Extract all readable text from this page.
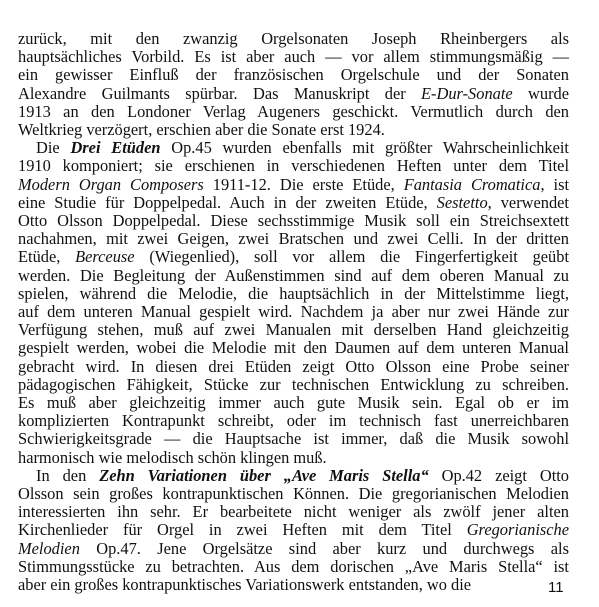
zurück, mit den zwanzig Orgelsonaten Joseph Rheinbergers als
hauptsächliches Vorbild. Es ist aber auch — vor allem stimmungsmäßig —
ein gewisser Einfluß der französischen Orgelschule und der Sonaten
Alexandre Guilmants spürbar. Das Manuskript der E-Dur-Sonate wurde
1913 an den Londoner Verlag Augeners geschickt. Vermutlich durch den
Weltkrieg verzögert, erschien aber die Sonate erst 1924.
Die Drei Etüden Op.45 wurden ebenfalls mit größter Wahrscheinlichkeit
1910 komponiert; sie erschienen in verschiedenen Heften unter dem Titel
Modern Organ Composers 1911-12. Die erste Etüde, Fantasia Cromatica, ist
eine Studie für Doppelpedal. Auch in der zweiten Etüde, Sestetto, verwendet
Otto Olsson Doppelpedal. Diese sechsstimmige Musik soll ein Streichsextett
nachahmen, mit zwei Geigen, zwei Bratschen und zwei Celli. In der dritten
Etüde, Berceuse (Wiegenlied), soll vor allem die Fingerfertigkeit geübt
werden. Die Begleitung der Außenstimmen sind auf dem oberen Manual zu
spielen, während die Melodie, die hauptsächlich in der Mittelstimme liegt,
auf dem unteren Manual gespielt wird. Nachdem ja aber nur zwei Hände zur
Verfügung stehen, muß auf zwei Manualen mit derselben Hand gleichzeitig
gespielt werden, wobei die Melodie mit den Daumen auf dem unteren Manual
gebracht wird. In diesen drei Etüden zeigt Otto Olsson eine Probe seiner
pädagogischen Fähigkeit, Stücke zur technischen Entwicklung zu schreiben.
Es muß aber gleichzeitig immer auch gute Musik sein. Egal ob er im
komplizierten Kontrapunkt schreibt, oder im technisch fast unerreichbaren
Schwierigkeitsgrade — die Hauptsache ist immer, daß die Musik sowohl
harmonisch wie melodisch schön klingen muß.
In den Zehn Variationen über „Ave Maris Stella“ Op.42 zeigt Otto
Olsson sein großes kontrapunktischen Können. Die gregorianischen Melodien
interessierten ihn sehr. Er bearbeitete nicht weniger als zwölf jener alten
Kirchenlieder für Orgel in zwei Heften mit dem Titel Gregorianische
Melodien Op.47. Jene Orgelsätze sind aber kurz und durchwegs als
Stimmungsstücke zu betrachten. Aus dem dorischen „Ave Maris Stella“ ist
aber ein großes kontrapunktisches Variationswerk entstanden, wo die	11
